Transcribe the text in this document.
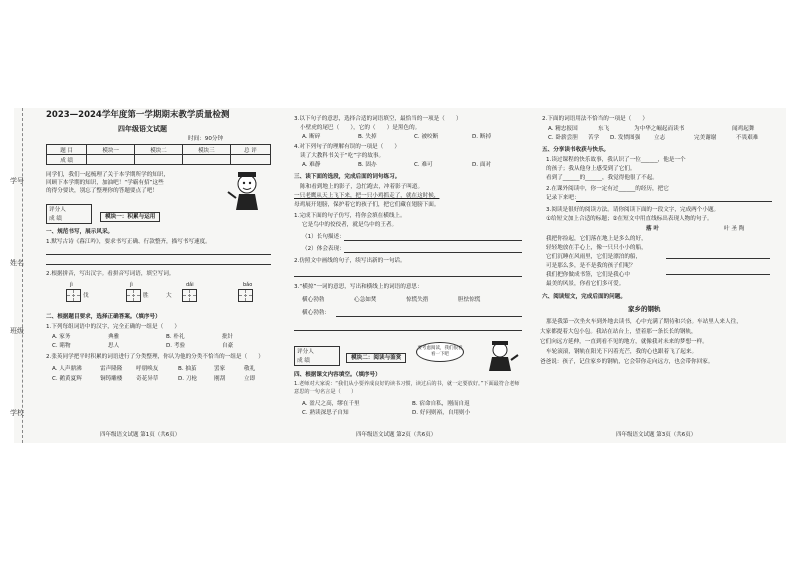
学号
姓名
班级
学校
2023—2024学年度第一学期期末教学质量检测
四年级语文试题
时间：90分钟
题 目	模块一	模块二	模块三	总 评
成 绩				
同学们，我们一起梳理了关于本学期所学的知识，
回顾下本学期的知识，加油吧！“学霸有招”这些
的得分要诀，别忘了整理你的答题要点了吧！
评分人
成 绩	模块一：积累与运用
一、规范书写，展示风采。
1.默写古诗《暮江吟》，要求书写正确、行款整齐，描写书写速度。
2.根据拼音，写出汉字。看拼音写词语，填空写词。
jì	jì	dǎi	bǎo
伐	胜	大
二、根据题目要求，选择正确答案。（填序号）
1.下列每组词语中的汉字，完全正确的一组是（　　）
A. 家务	典雅	B. 朴礼	批针
C. 睹物	思人	D. 考验	自豪
2.张英同学把平时积累的词语进行了分类整理，你认为他的分类不恰当的一组是（　　）
A. 人声鼎沸	雷声隆隆 呼朋唤友	B. 抽茧	罢家	敬礼
C. 鹅黄夏辉	铜铸雕楼 奇花异草	D. 刀枪	刚刮	立即
四年级语文试题 第1页（共6页）
3.以下句子的意思，选择合适的词语填空，最恰当的一项是（　　）
小壁虎的尾巴（　　），它的（　　）是黑色的。
A. 断碎	B. 失掉	C. 被咬断	D. 断掉
4.对下列句子的理解有误的一项是（　　）
读了大教科书关于“吃”字的故事。
A. 难静	B. 固办	C. 难可	D. 面对
三、读下面的选段，完成后面的词句练习。
陈和看到地上的影子，急忙跑去，冲着影子叫道。
一只老鹰从天上飞下来，把一只小鸡抓走了，就在这时候，
母鸡展开翅膀，保护着它的孩子们，把它们藏在翅膀下面。
1.完成下面的句子仿写，将你会填在横线上。
它是鸟中的佼佼者，就是鸟中的王者。
（1）长句描述：
（2）体会表现：
2.仿照文中画线的句子，续写出新的一句话。
3.“横掠”一词的意思，写出和横线上的词语的意思：
横心勃勃	心急如焚	惊慌失措	胆怯惊慌
横心勃勃：
评分人
成 绩	模块二：阅读与鉴赏
要考虑阅读，我们很看看一下吧
四、根据课文内容填空。（填序号）
1.老师对大家说：“我们从小要养成良好的读书习惯，读过后的书，就一定要放好。”下面最符合老师意思的一句名言是（　　）
A. 盈尺之高，缪在千里	B. 宿命自私，刚而自返
C. 熟读深思子自知	D. 好问则裕，自用则小
四年级语文试题 第2页（共6页）
2.下面的词语用法不恰当的一项是（　　）
A. 精忠报国	东飞	为中华之崛起而读书	闻鸡起舞
C. 卧薪尝胆 苦学 D. 发愤图强 立志	完美谢谢	不畏艰难
五、分享读书收获与快乐。
1.读过课程的快乐故事，我认识了一位______，他是一个
的孩子；我从他身上感受到了它们。
看到了______的______，我觉得他很了不起。
2.在课外阅读中，你一定有过______的经历，把它
记录下来吧：
3.阅读是很好的阅读方法。请你阅读下面的一段文字，完成两个小题。
①给短文加上合适的标题；②在短文中用直线标出表现人物的句子。
落 叶	叶 圣 陶
我把你捡起，它们落在地上是多么的好，
轻轻地放在手心上，像一只只小小的船，
它们沉睡在风雨里，它们是漂泊的船，
可是那么多，是不是我的孩子们呢？
我们把你做成书签，它们是我心中
最美的风景，你看它们多可爱。
六、阅读短文，完成后面的问题。
家乡的钢轨
那是我第一次坐火车到外地去读书，心中充满了期待和兴奋。车站里人来人往，
大家都提着大包小包。我站在站台上，望着那一条长长的钢轨，
它们向远方延伸，一直到看不见的地方，就像我对未来的梦想一样。
车轮滚滚，钢轨在阳光下闪着光芒，我的心也跟着飞了起来。
爸爸说：孩子，记住家乡的钢轨，它会带你走向远方，也会带你回家。
四年级语文试题 第3页（共6页）
